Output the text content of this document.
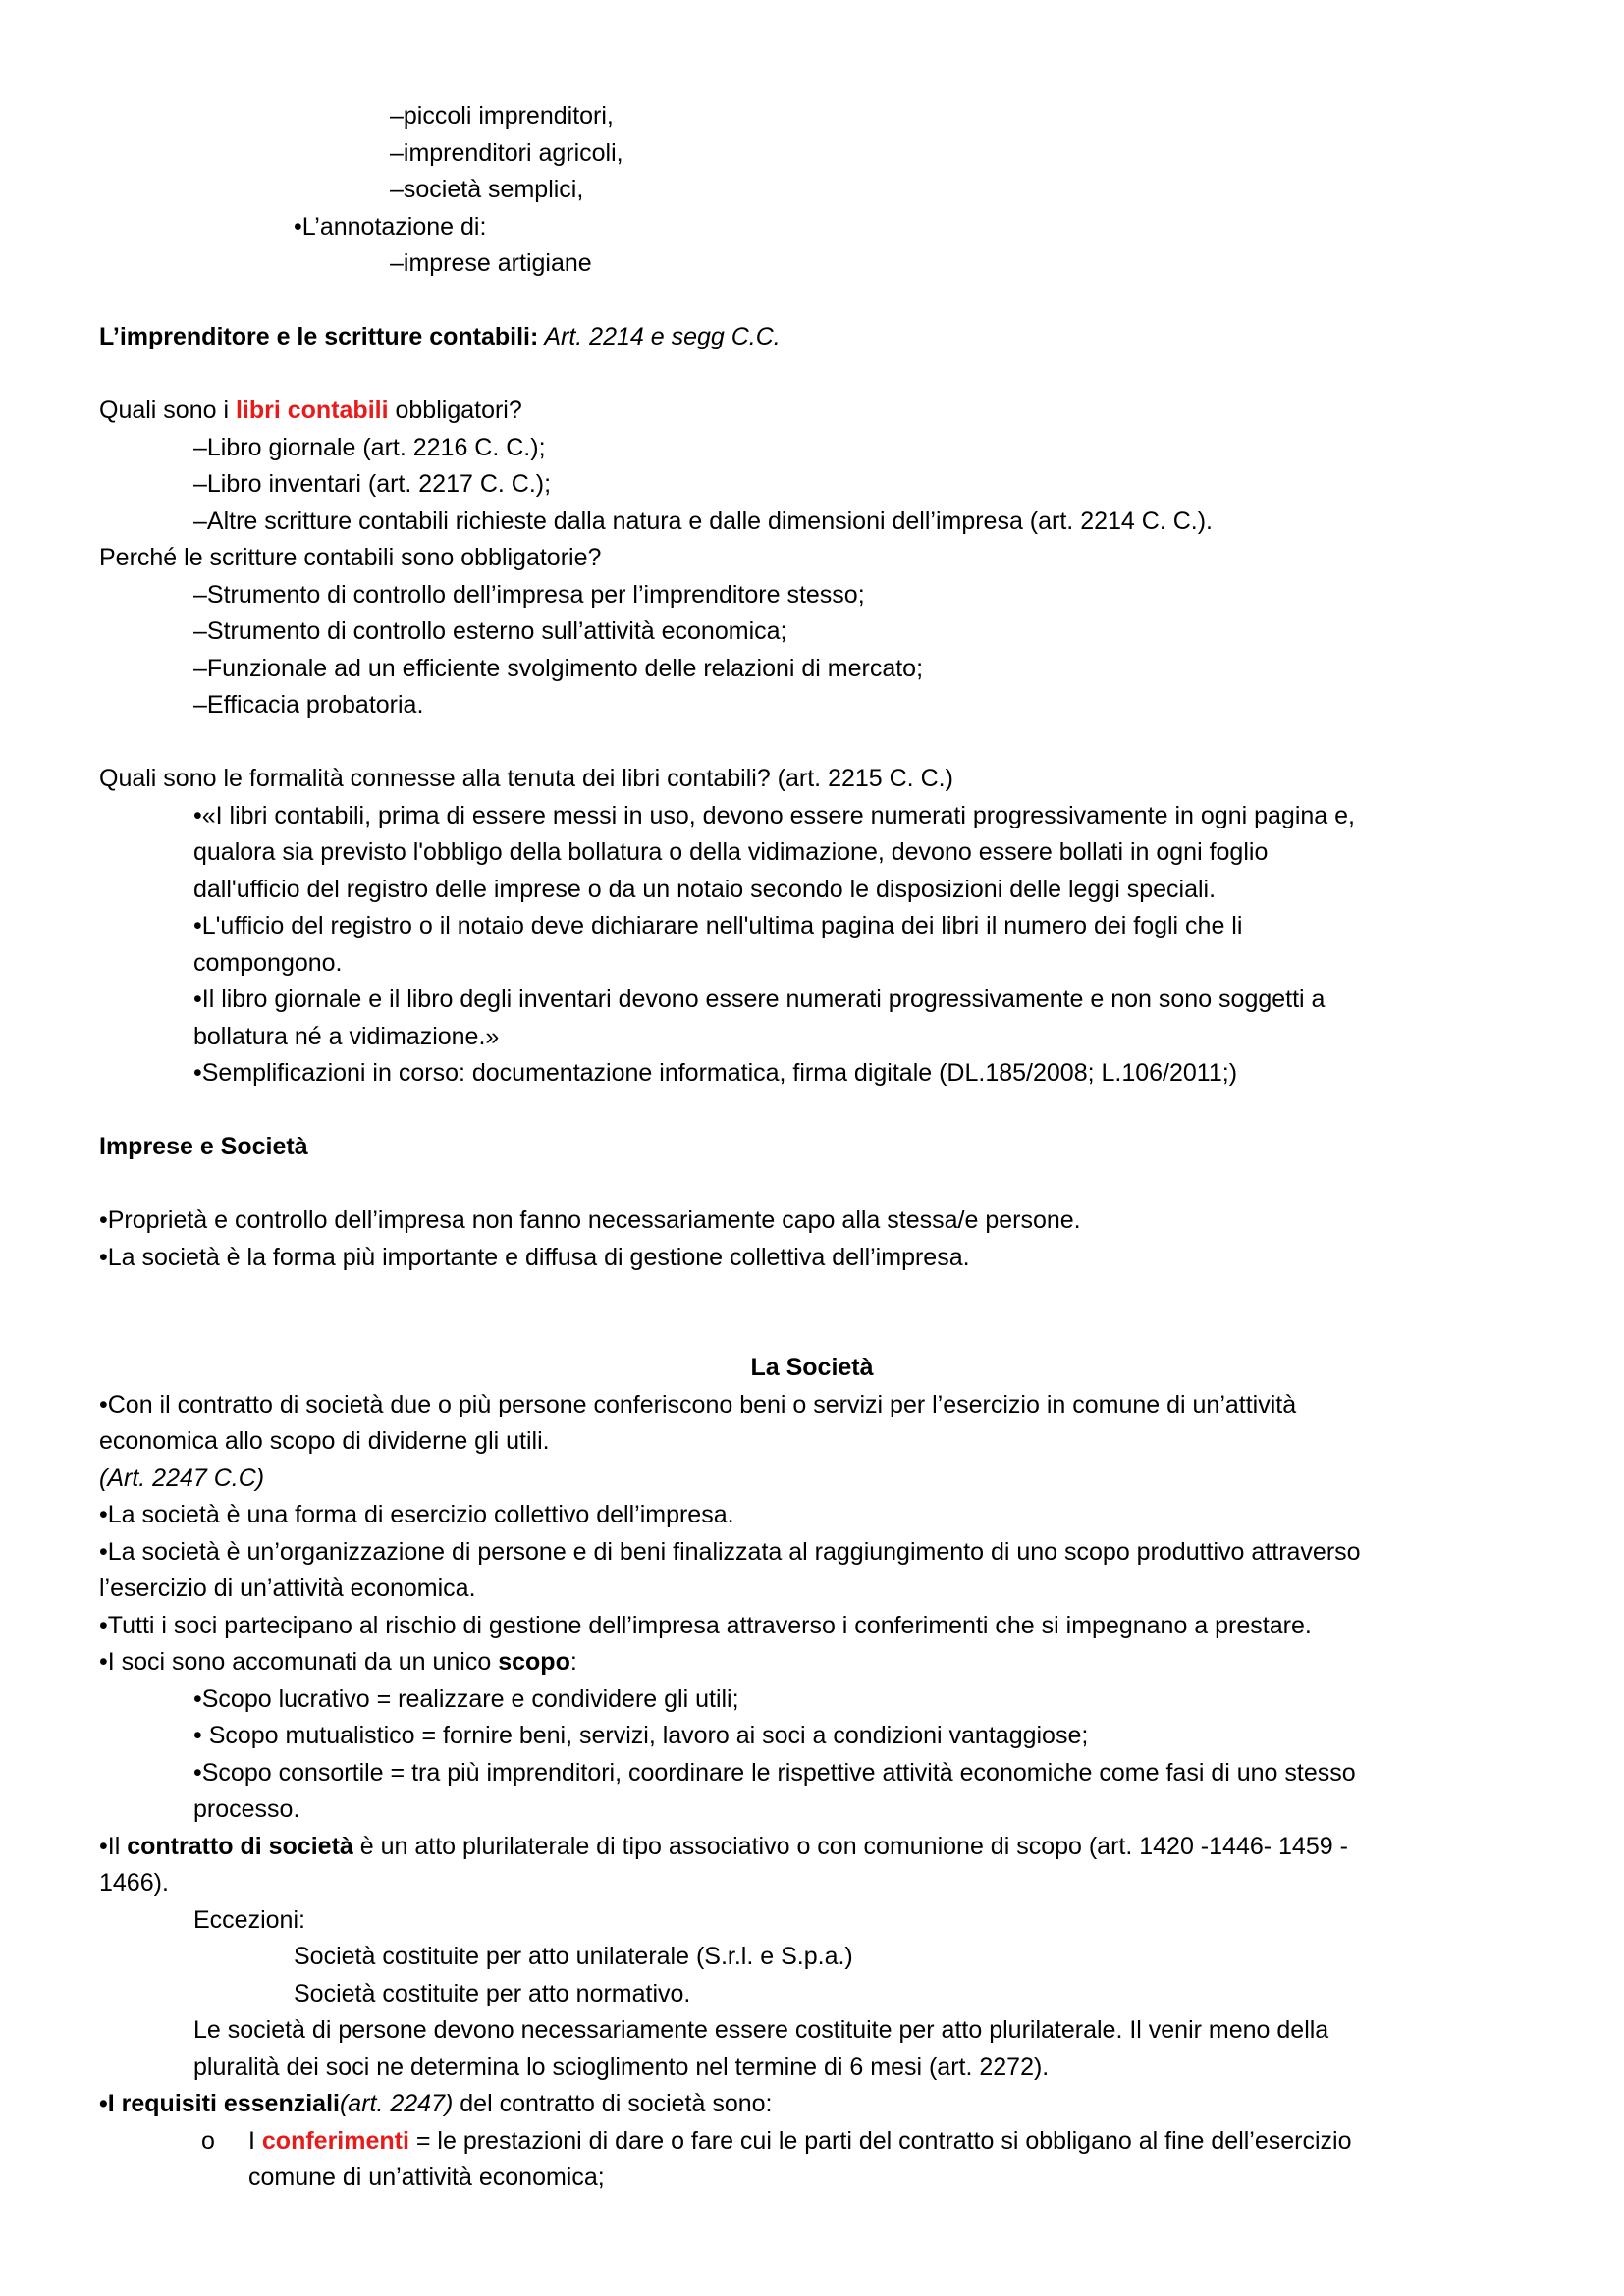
–piccoli imprenditori,
–imprenditori agricoli,
–società semplici,
•L’annotazione di:
–imprese artigiane
L’imprenditore e le scritture contabili: Art. 2214 e segg C.C.
Quali sono i libri contabili obbligatori?
–Libro giornale (art. 2216 C. C.);
–Libro inventari (art. 2217 C. C.);
–Altre scritture contabili richieste dalla natura e dalle dimensioni dell’impresa (art. 2214 C. C.).
Perché le scritture contabili sono obbligatorie?
–Strumento di controllo dell’impresa per l’imprenditore stesso;
–Strumento di controllo esterno sull’attività economica;
–Funzionale ad un efficiente svolgimento delle relazioni di mercato;
–Efficacia probatoria.
Quali sono le formalità connesse alla tenuta dei libri contabili? (art. 2215 C. C.)
•«I libri contabili, prima di essere messi in uso, devono essere numerati progressivamente in ogni pagina e,
qualora sia previsto l'obbligo della bollatura o della vidimazione, devono essere bollati in ogni foglio
dall'ufficio del registro delle imprese o da un notaio secondo le disposizioni delle leggi speciali.
•L'ufficio del registro o il notaio deve dichiarare nell'ultima pagina dei libri il numero dei fogli che li
compongono.
•Il libro giornale e il libro degli inventari devono essere numerati progressivamente e non sono soggetti a
bollatura né a vidimazione.»
•Semplificazioni in corso: documentazione informatica, firma digitale (DL.185/2008; L.106/2011;)
Imprese e Società
•Proprietà e controllo dell’impresa non fanno necessariamente capo alla stessa/e persone.
•La società è la forma più importante e diffusa di gestione collettiva dell’impresa.
La Società
•Con il contratto di società due o più persone conferiscono beni o servizi per l’esercizio in comune di un’attività
economica allo scopo di dividerne gli utili.
(Art. 2247 C.C)
•La società è una forma di esercizio collettivo dell’impresa.
•La società è un’organizzazione di persone e di beni finalizzata al raggiungimento di uno scopo produttivo attraverso
l’esercizio di un’attività economica.
•Tutti i soci partecipano al rischio di gestione dell’impresa attraverso i conferimenti che si impegnano a prestare.
•I soci sono accomunati da un unico scopo:
•Scopo lucrativo = realizzare e condividere gli utili;
• Scopo mutualistico = fornire beni, servizi, lavoro ai soci a condizioni vantaggiose;
•Scopo consortile = tra più imprenditori, coordinare le rispettive attività economiche come fasi di uno stesso
processo.
•Il contratto di società è un atto plurilaterale di tipo associativo o con comunione di scopo (art. 1420 -1446- 1459 -
1466).
Eccezioni:
Società costituite per atto unilaterale (S.r.l. e S.p.a.)
Società costituite per atto normativo.
Le società di persone devono necessariamente essere costituite per atto plurilaterale. Il venir meno della
pluralità dei soci ne determina lo scioglimento nel termine di 6 mesi (art. 2272).
•I requisiti essenziali(art. 2247) del contratto di società sono:
o I conferimenti = le prestazioni di dare o fare cui le parti del contratto si obbligano al fine dell’esercizio
comune di un’attività economica;
